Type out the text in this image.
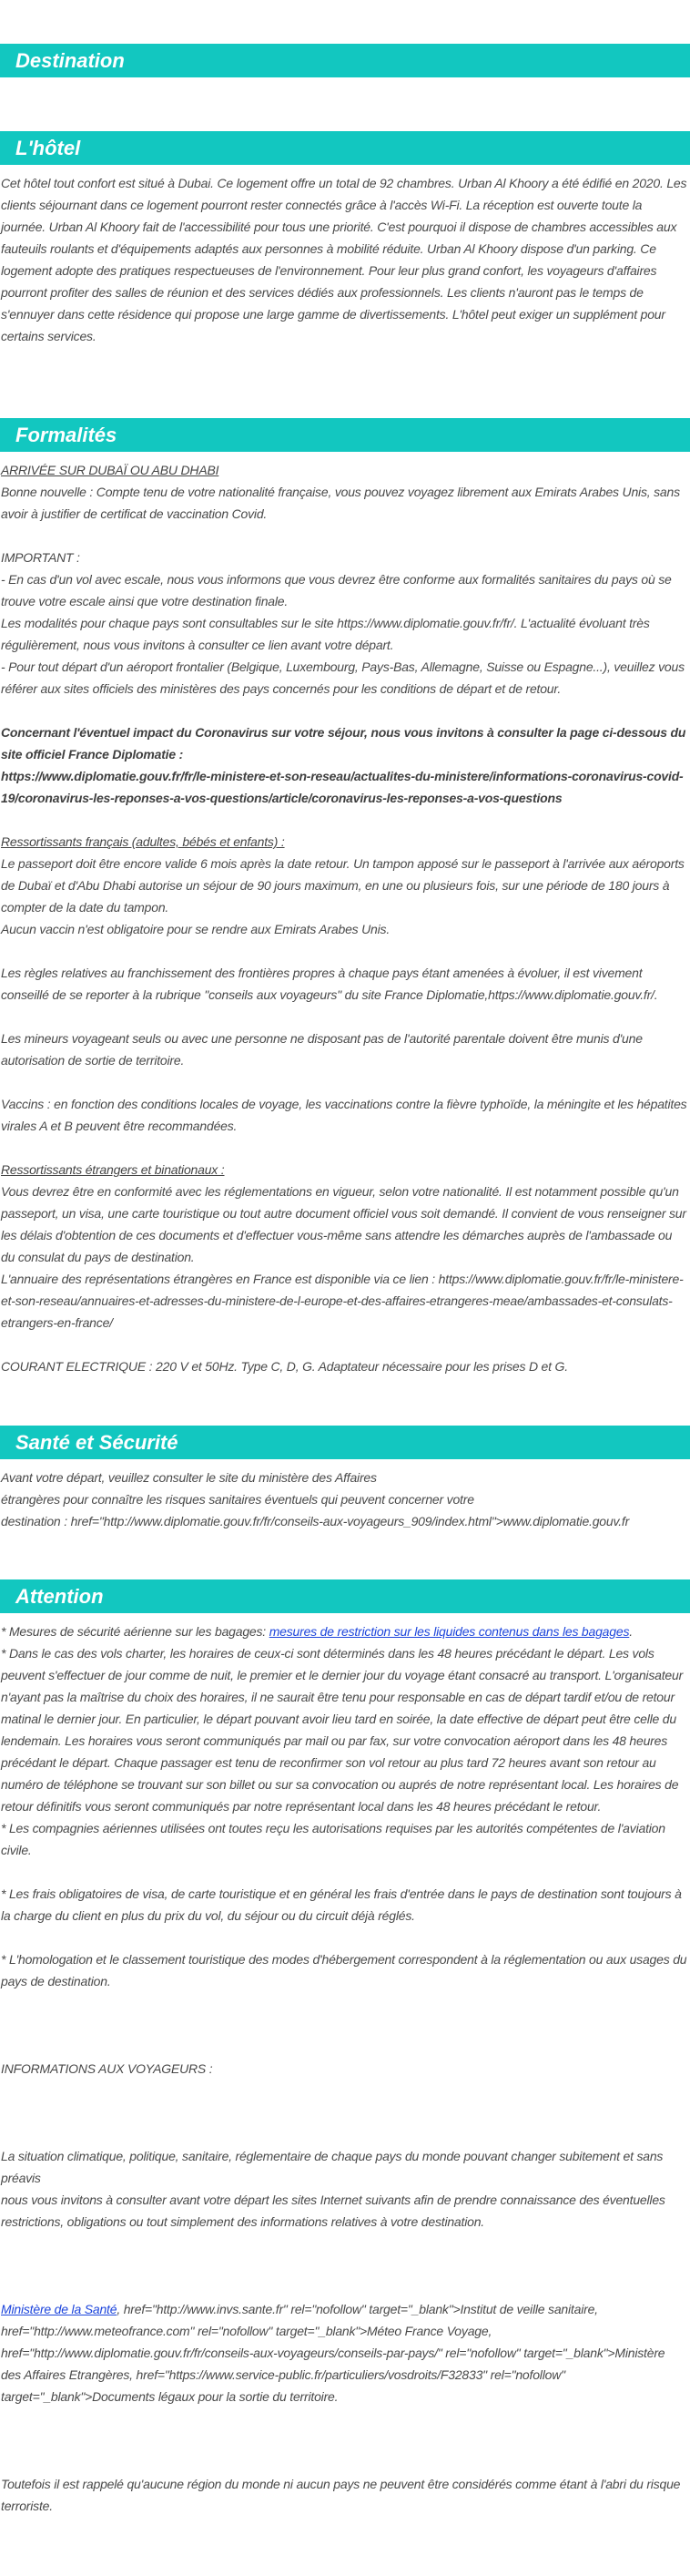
Destination
L'hôtel

Cet hôtel tout confort est situé à Dubai. Ce logement offre un total de 92 chambres. Urban Al Khoory a été édifié en 2020. Les clients séjournant dans ce logement pourront rester connectés grâce à l'accès Wi-Fi. La réception est ouverte toute la journée. Urban Al Khoory fait de l'accessibilité pour tous une priorité. C'est pourquoi il dispose de chambres accessibles aux fauteuils roulants et d'équipements adaptés aux personnes à mobilité réduite. Urban Al Khoory dispose d'un parking. Ce logement adopte des pratiques respectueuses de l'environnement. Pour leur plus grand confort, les voyageurs d'affaires pourront profiter des salles de réunion et des services dédiés aux professionnels. Les clients n'auront pas le temps de s'ennuyer dans cette résidence qui propose une large gamme de divertissements. L'hôtel peut exiger un supplément pour certains services.

Formalités

ARRIVÉE SUR DUBAÏ OU ABU DHABI

Bonne nouvelle : Compte tenu de votre nationalité française, vous pouvez voyagez librement aux Emirats Arabes Unis, sans avoir à justifier de certificat de vaccination Covid.

IMPORTANT :

- En cas d'un vol avec escale, nous vous informons que vous devrez être conforme aux formalités sanitaires du pays où se trouve votre escale ainsi que votre destination finale.

Les modalités pour chaque pays sont consultables sur le site https://www.diplomatie.gouv.fr/fr/. L'actualité évoluant très régulièrement, nous vous invitons à consulter ce lien avant votre départ.

- Pour tout départ d'un aéroport frontalier (Belgique, Luxembourg, Pays-Bas, Allemagne, Suisse ou Espagne...), veuillez vous référer aux sites officiels des ministères des pays concernés pour les conditions de départ et de retour.

Concernant l'éventuel impact du Coronavirus sur votre séjour, nous vous invitons à consulter la page ci-dessous du site officiel France Diplomatie :

https://www.diplomatie.gouv.fr/fr/le-ministere-et-son-reseau/actualites-du-ministere/informations-coronavirus-covid-19/coronavirus-les-reponses-a-vos-questions/article/coronavirus-les-reponses-a-vos-questions

Ressortissants français (adultes, bébés et enfants) :

Le passeport doit être encore valide 6 mois après la date retour. Un tampon apposé sur le passeport à l'arrivée aux aéroports de Dubaï et d'Abu Dhabi autorise un séjour de 90 jours maximum, en une ou plusieurs fois, sur une période de 180 jours à compter de la date du tampon.

Aucun vaccin n'est obligatoire pour se rendre aux Emirats Arabes Unis.

Les règles relatives au franchissement des frontières propres à chaque pays étant amenées à évoluer, il est vivement conseillé de se reporter à la rubrique "conseils aux voyageurs" du site France Diplomatie,https://www.diplomatie.gouv.fr/.

Les mineurs voyageant seuls ou avec une personne ne disposant pas de l'autorité parentale doivent être munis d'une autorisation de sortie de territoire.

Vaccins : en fonction des conditions locales de voyage, les vaccinations contre la fièvre typhoïde, la méningite et les hépatites virales A et B peuvent être recommandées.

Ressortissants étrangers et binationaux :

Vous devrez être en conformité avec les réglementations en vigueur, selon votre nationalité. Il est notamment possible qu'un passeport, un visa, une carte touristique ou tout autre document officiel vous soit demandé. Il convient de vous renseigner sur les délais d'obtention de ces documents et d'effectuer vous-même sans attendre les démarches auprès de l'ambassade ou du consulat du pays de destination.

L'annuaire des représentations étrangères en France est disponible via ce lien : https://www.diplomatie.gouv.fr/fr/le-ministere-et-son-reseau/annuaires-et-adresses-du-ministere-de-l-europe-et-des-affaires-etrangeres-meae/ambassades-et-consulats-etrangers-en-france/

COURANT ELECTRIQUE : 220 V et 50Hz. Type C, D, G. Adaptateur nécessaire pour les prises D et G.

Santé et Sécurité

Avant votre départ, veuillez consulter le site du ministère des Affaires
étrangères pour connaître les risques sanitaires éventuels qui peuvent concerner votre
destination : href="http://www.diplomatie.gouv.fr/fr/conseils-aux-voyageurs_909/index.html">www.diplomatie.gouv.fr

Attention

* Mesures de sécurité aérienne sur les bagages: mesures de restriction sur les liquides contenus dans les bagages.

* Dans le cas des vols charter, les horaires de ceux-ci sont déterminés dans les 48 heures précédant le départ. Les vols peuvent s'effectuer de jour comme de nuit, le premier et le dernier jour du voyage étant consacré au transport. L'organisateur n'ayant pas la maîtrise du choix des horaires, il ne saurait être tenu pour responsable en cas de départ tardif et/ou de retour matinal le dernier jour. En particulier, le départ pouvant avoir lieu tard en soirée, la date effective de départ peut être celle du lendemain. Les horaires vous seront communiqués par mail ou par fax, sur votre convocation aéroport dans les 48 heures précédant le départ. Chaque passager est tenu de reconfirmer son vol retour au plus tard 72 heures avant son retour au numéro de téléphone se trouvant sur son billet ou sur sa convocation ou auprés de notre représentant local. Les horaires de retour définitifs vous seront communiqués par notre représentant local dans les 48 heures précédant le retour.

* Les compagnies aériennes utilisées ont toutes reçu les autorisations requises par les autorités compétentes de l'aviation civile.

* Les frais obligatoires de visa, de carte touristique et en général les frais d'entrée dans le pays de destination sont toujours à la charge du client en plus du prix du vol, du séjour ou du circuit déjà réglés.

* L'homologation et le classement touristique des modes d'hébergement correspondent à la réglementation ou aux usages du pays de destination.

INFORMATIONS AUX VOYAGEURS :

La situation climatique, politique, sanitaire, réglementaire de chaque pays du monde pouvant changer subitement et sans préavis
nous vous invitons à consulter avant votre départ les sites Internet suivants afin de prendre connaissance des éventuelles restrictions, obligations ou tout simplement des informations relatives à votre destination.

Ministère de la Santé, href="http://www.invs.sante.fr" rel="nofollow" target="_blank">Institut de veille sanitaire, href="http://www.meteofrance.com" rel="nofollow" target="_blank">Méteo France Voyage, href="http://www.diplomatie.gouv.fr/fr/conseils-aux-voyageurs/conseils-par-pays/" rel="nofollow" target="_blank">Ministère des Affaires Etrangères, href="https://www.service-public.fr/particuliers/vosdroits/F32833" rel="nofollow" target="_blank">Documents légaux pour la sortie du territoire.

Toutefois il est rappelé qu'aucune région du monde ni aucun pays ne peuvent être considérés comme étant à l'abri du risque terroriste.
